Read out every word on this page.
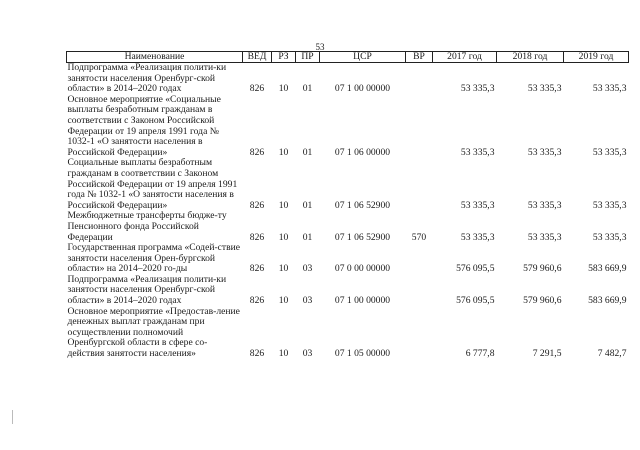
53
Наименование	ВЕД	РЗ	ПР	ЦСР	ВР	2017 год	2018 год	2019 год
Подпрограмма «Реализация полити-ки занятости населения Оренбург-ской области» в 2014–2020 годах	826	10	01	07 1 00 00000		53 335,3	53 335,3	53 335,3
Основное мероприятие «Социальные выплаты безработным гражданам в соответствии с Законом Российской Федерации от 19 апреля 1991 года № 1032-1 «О занятости населения в Российской Федерации»	826	10	01	07 1 06 00000		53 335,3	53 335,3	53 335,3
Социальные выплаты безработным гражданам в соответствии с Законом Российской Федерации от 19 апреля 1991 года № 1032-1 «О занятости населения в Российской Федерации»	826	10	01	07 1 06 52900		53 335,3	53 335,3	53 335,3
Межбюджетные трансферты бюдже-ту Пенсионного фонда Российской Федерации	826	10	01	07 1 06 52900	570	53 335,3	53 335,3	53 335,3
Государственная программа «Содей-ствие занятости населения Орен-бургской области» на 2014–2020 го-ды	826	10	03	07 0 00 00000		576 095,5	579 960,6	583 669,9
Подпрограмма «Реализация полити-ки занятости населения Оренбург-ской области» в 2014–2020 годах	826	10	03	07 1 00 00000		576 095,5	579 960,6	583 669,9
Основное мероприятие «Предостав-ление денежных выплат гражданам при осуществлении полномочий Оренбургской области в сфере со-действия занятости населения»	826	10	03	07 1 05 00000		6 777,8	7 291,5	7 482,7
